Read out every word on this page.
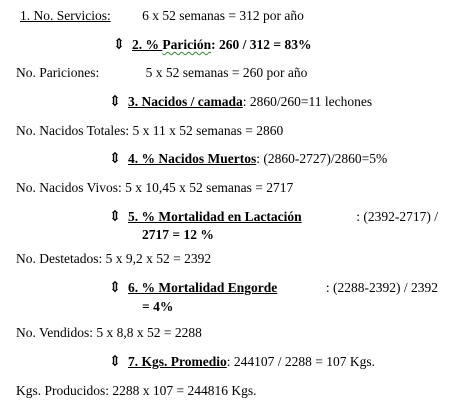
1. No. Servicios: 6 x 52 semanas = 312 por año
⇕ 2. % Parición: 260 / 312 = 83%
No. Pariciones:	5 x 52 semanas = 260 por año
⇕ 3. Nacidos / camada: 2860/260=11 lechones
No. Nacidos Totales: 5 x 11 x 52 semanas = 2860
⇕ 4. % Nacidos Muertos: (2860-2727)/2860=5%
No. Nacidos Vivos: 5 x 10,45 x 52 semanas = 2717
⇕ 5. % Mortalidad en Lactación	: (2392-2717) /
2717 = 12 %
No. Destetados: 5 x 9,2 x 52 = 2392
⇕ 6. % Mortalidad Engorde	: (2288-2392) / 2392
= 4%
No. Vendidos: 5 x 8,8 x 52 = 2288
⇕ 7. Kgs. Promedio: 244107 / 2288 = 107 Kgs.
Kgs. Producidos: 2288 x 107 = 244816 Kgs.
